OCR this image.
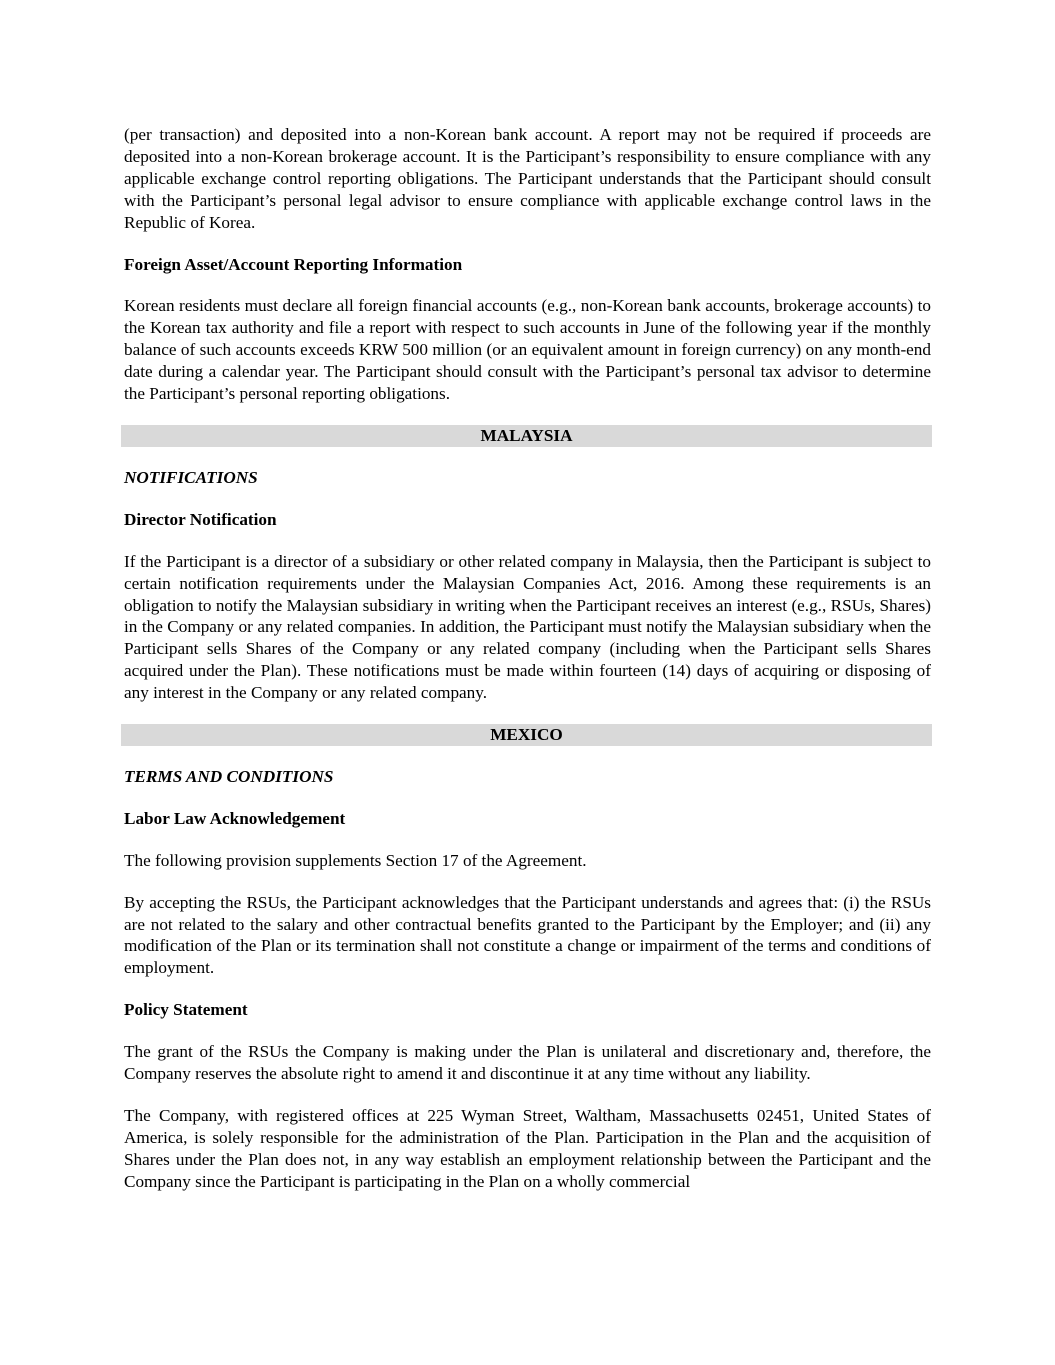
(per transaction) and deposited into a non-Korean bank account. A report may not be required if proceeds are deposited into a non-Korean brokerage account. It is the Participant’s responsibility to ensure compliance with any applicable exchange control reporting obligations. The Participant understands that the Participant should consult with the Participant’s personal legal advisor to ensure compliance with applicable exchange control laws in the Republic of Korea.

Foreign Asset/Account Reporting Information

Korean residents must declare all foreign financial accounts (e.g., non-Korean bank accounts, brokerage accounts) to the Korean tax authority and file a report with respect to such accounts in June of the following year if the monthly balance of such accounts exceeds KRW 500 million (or an equivalent amount in foreign currency) on any month-end date during a calendar year. The Participant should consult with the Participant’s personal tax advisor to determine the Participant’s personal reporting obligations.

MALAYSIA

NOTIFICATIONS

Director Notification

If the Participant is a director of a subsidiary or other related company in Malaysia, then the Participant is subject to certain notification requirements under the Malaysian Companies Act, 2016. Among these requirements is an obligation to notify the Malaysian subsidiary in writing when the Participant receives an interest (e.g., RSUs, Shares) in the Company or any related companies. In addition, the Participant must notify the Malaysian subsidiary when the Participant sells Shares of the Company or any related company (including when the Participant sells Shares acquired under the Plan). These notifications must be made within fourteen (14) days of acquiring or disposing of any interest in the Company or any related company.

MEXICO

TERMS AND CONDITIONS

Labor Law Acknowledgement

The following provision supplements Section 17 of the Agreement.

By accepting the RSUs, the Participant acknowledges that the Participant understands and agrees that: (i) the RSUs are not related to the salary and other contractual benefits granted to the Participant by the Employer; and (ii) any modification of the Plan or its termination shall not constitute a change or impairment of the terms and conditions of employment.

Policy Statement

The grant of the RSUs the Company is making under the Plan is unilateral and discretionary and, therefore, the Company reserves the absolute right to amend it and discontinue it at any time without any liability.

The Company, with registered offices at 225 Wyman Street, Waltham, Massachusetts 02451, United States of America, is solely responsible for the administration of the Plan. Participation in the Plan and the acquisition of Shares under the Plan does not, in any way establish an employment relationship between the Participant and the Company since the Participant is participating in the Plan on a wholly commercial
